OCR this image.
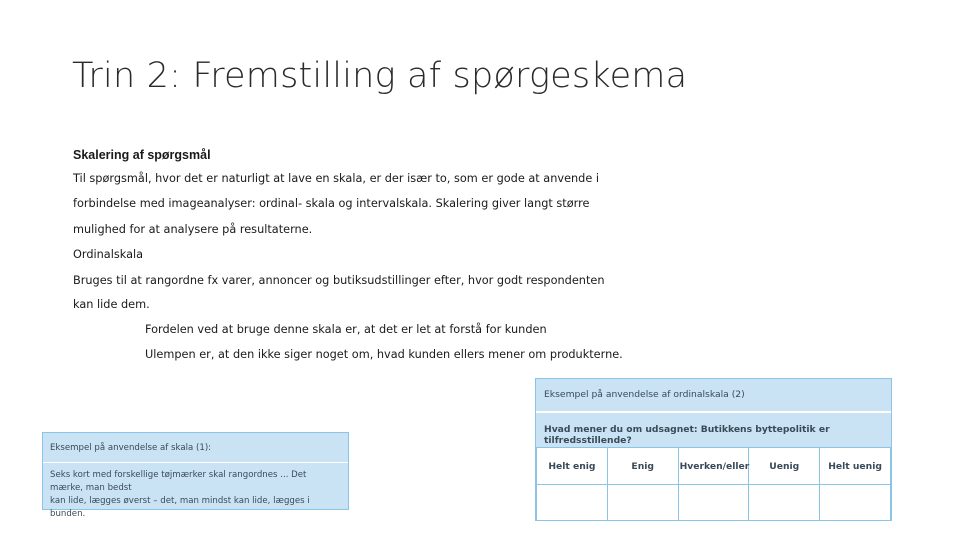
Trin 2: Fremstilling af spørgeskema
Skalering af spørgsmål

Til spørgsmål, hvor det er naturligt at lave en skala, er der især to, som er gode at anvende i

forbindelse med imageanalyser: ordinal- skala og intervalskala. Skalering giver langt større

mulighed for at analysere på resultaterne.

Ordinalskala

Bruges til at rangordne fx varer, annoncer og butiksudstillinger efter, hvor godt respondenten

kan lide dem.

Fordelen ved at bruge denne skala er, at det er let at forstå for kunden

Ulempen er, at den ikke siger noget om, hvad kunden ellers mener om produkterne.

Eksempel på anvendelse af skala (1):
Seks kort med forskellige tøjmærker skal rangordnes ... Det mærke, man bedst
kan lide, lægges øverst – det, man mindst kan lide, lægges i bunden.
Eksempel på anvendelse af ordinalskala (2)
Hvad mener du om udsagnet: Butikkens byttepolitik er tilfredsstillende?
Helt enig	Enig	Hverken/eller	Uenig	Helt uenig
